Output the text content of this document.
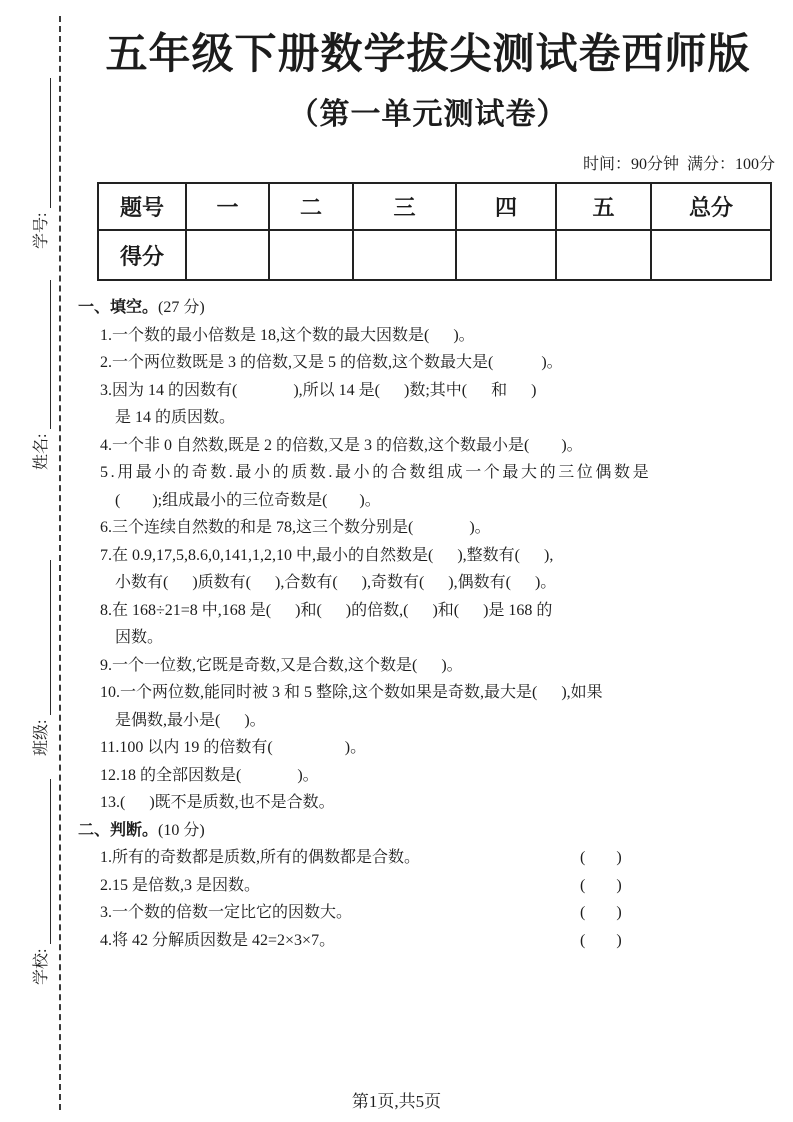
学号:
姓名:
班级:
学校:
五年级下册数学拔尖测试卷西师版
（第一单元测试卷）
时间：90分钟  满分：100分
题号	一	二	三	四	五	总分
得分						
一、填空。(27 分)
1.一个数的最小倍数是 18,这个数的最大因数是(      )。
2.一个两位数既是 3 的倍数,又是 5 的倍数,这个数最大是(            )。
3.因为 14 的因数有(              ),所以 14 是(      )数;其中(      和      )
是 14 的质因数。
4.一个非 0 自然数,既是 2 的倍数,又是 3 的倍数,这个数最小是(        )。
5.用最小的奇数.最小的质数.最小的合数组成一个最大的三位偶数是
(        );组成最小的三位奇数是(        )。
6.三个连续自然数的和是 78,这三个数分别是(              )。
7.在 0.9,17,5,8.6,0,141,1,2,10 中,最小的自然数是(      ),整数有(      ),
小数有(      )质数有(      ),合数有(      ),奇数有(      ),偶数有(      )。
8.在 168÷21=8 中,168 是(      )和(      )的倍数,(      )和(      )是 168 的
因数。
9.一个一位数,它既是奇数,又是合数,这个数是(      )。
10.一个两位数,能同时被 3 和 5 整除,这个数如果是奇数,最大是(      ),如果
是偶数,最小是(      )。
11.100 以内 19 的倍数有(                  )。
12.18 的全部因数是(              )。
13.(      )既不是质数,也不是合数。
二、判断。(10 分)
1.所有的奇数都是质数,所有的偶数都是合数。	(      )
2.15 是倍数,3 是因数。	(      )
3.一个数的倍数一定比它的因数大。	(      )
4.将 42 分解质因数是 42=2×3×7。	(      )
第1页,共5页
